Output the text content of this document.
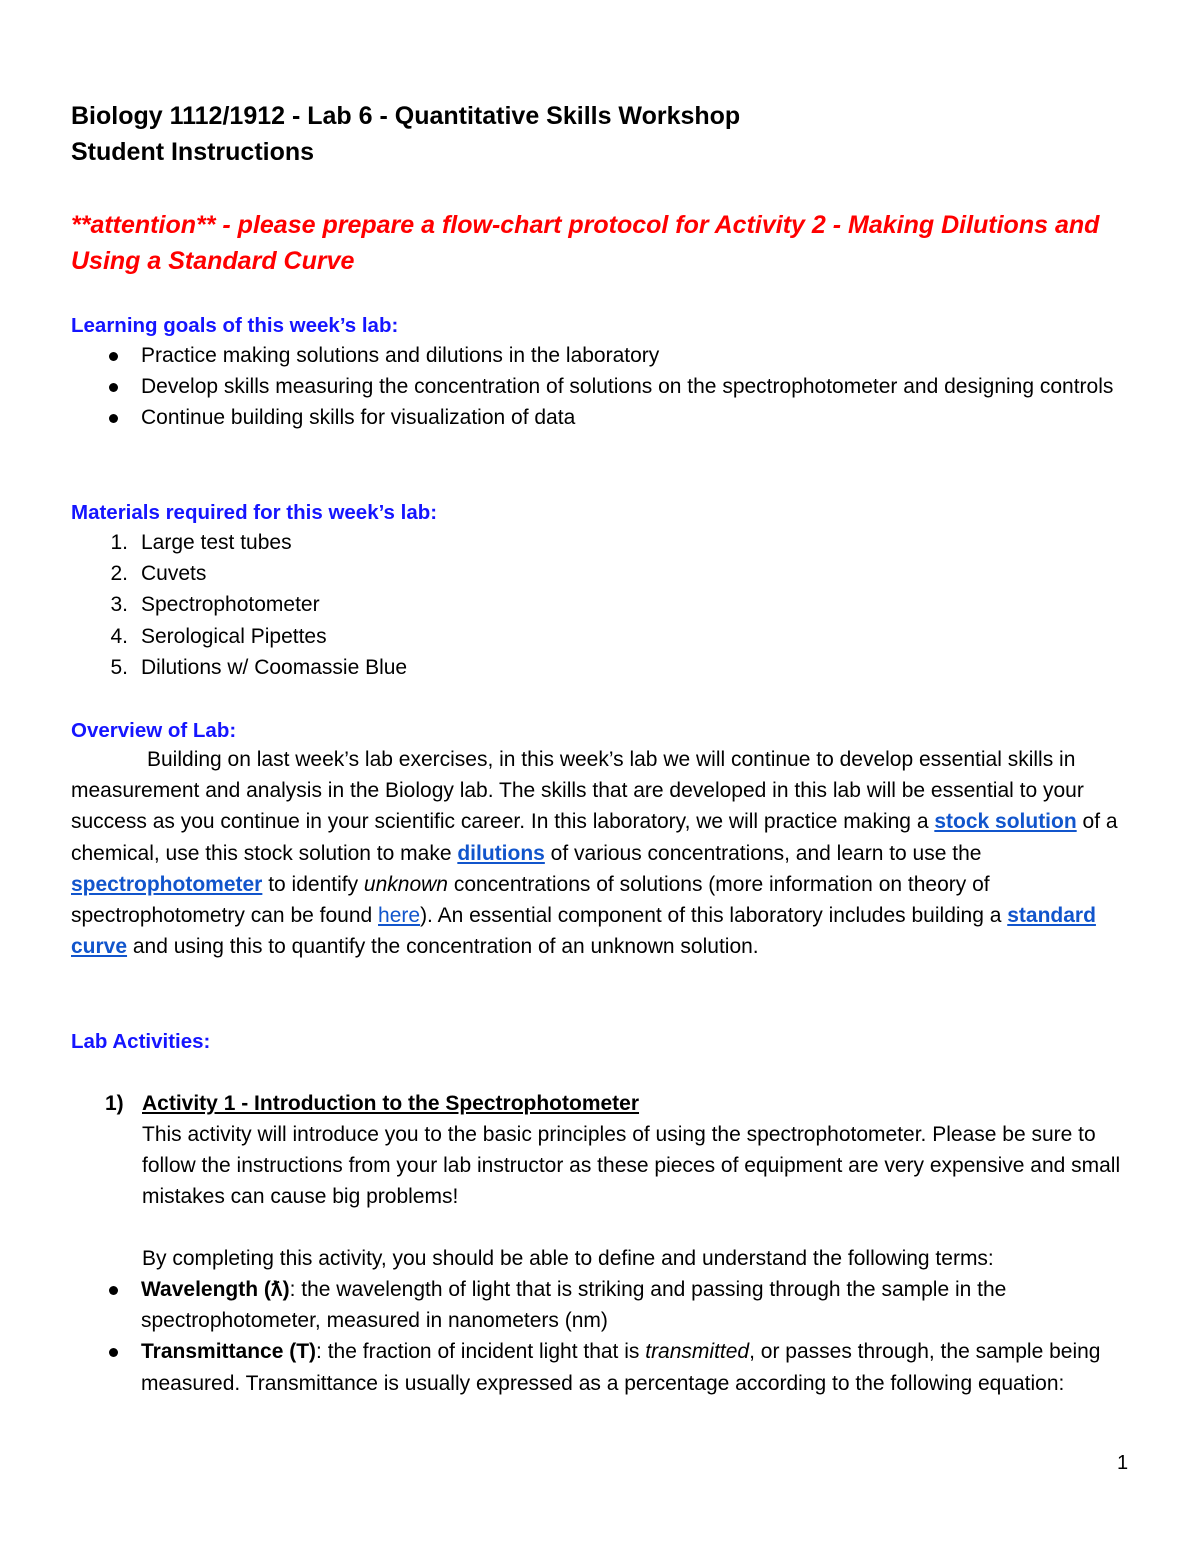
Biology 1112/1912 - Lab 6 - Quantitative Skills Workshop
Student Instructions
**attention** - please prepare a flow-chart protocol for Activity 2 - Making Dilutions and Using a Standard Curve
Learning goals of this week’s lab:
Practice making solutions and dilutions in the laboratory
Develop skills measuring the concentration of solutions on the spectrophotometer and designing controls
Continue building skills for visualization of data
Materials required for this week’s lab:
1. Large test tubes
2. Cuvets
3. Spectrophotometer
4. Serological Pipettes
5. Dilutions w/ Coomassie Blue
Overview of Lab:
Building on last week’s lab exercises, in this week’s lab we will continue to develop essential skills in measurement and analysis in the Biology lab. The skills that are developed in this lab will be essential to your success as you continue in your scientific career. In this laboratory, we will practice making a stock solution of a chemical, use this stock solution to make dilutions of various concentrations, and learn to use the spectrophotometer to identify unknown concentrations of solutions (more information on theory of spectrophotometry can be found here). An essential component of this laboratory includes building a standard curve and using this to quantify the concentration of an unknown solution.
Lab Activities:
1) Activity 1 - Introduction to the Spectrophotometer
This activity will introduce you to the basic principles of using the spectrophotometer. Please be sure to follow the instructions from your lab instructor as these pieces of equipment are very expensive and small mistakes can cause big problems!
By completing this activity, you should be able to define and understand the following terms:
Wavelength (ƛ): the wavelength of light that is striking and passing through the sample in the spectrophotometer, measured in nanometers (nm)
Transmittance (T): the fraction of incident light that is transmitted, or passes through, the sample being measured. Transmittance is usually expressed as a percentage according to the following equation:
1
